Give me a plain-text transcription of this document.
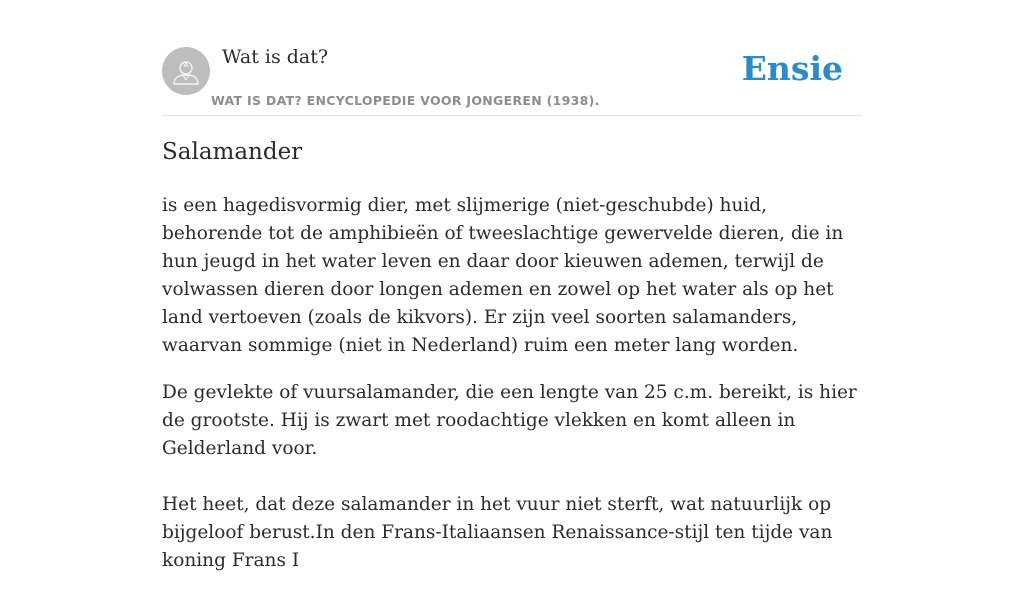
Wat is dat?
WAT IS DAT? ENCYCLOPEDIE VOOR JONGEREN (1938).
Ensie
Salamander

is een hagedisvormig dier, met slijmerige (niet-geschubde) huid, behorende tot de amphibieën of tweeslachtige gewervelde dieren, die in hun jeugd in het water leven en daar door kieuwen ademen, terwijl de volwassen dieren door longen ademen en zowel op het water als op het land vertoeven (zoals de kikvors). Er zijn veel soorten salamanders, waarvan sommige (niet in Nederland) ruim een meter lang worden.

De gevlekte of vuursalamander, die een lengte van 25 c.m. bereikt, is hier de grootste. Hij is zwart met roodachtige vlekken en komt alleen in Gelderland voor.

Het heet, dat deze salamander in het vuur niet sterft, wat natuurlijk op bijgeloof berust.In den Frans-Italiaansen Renaissance-stijl ten tijde van koning Frans I
